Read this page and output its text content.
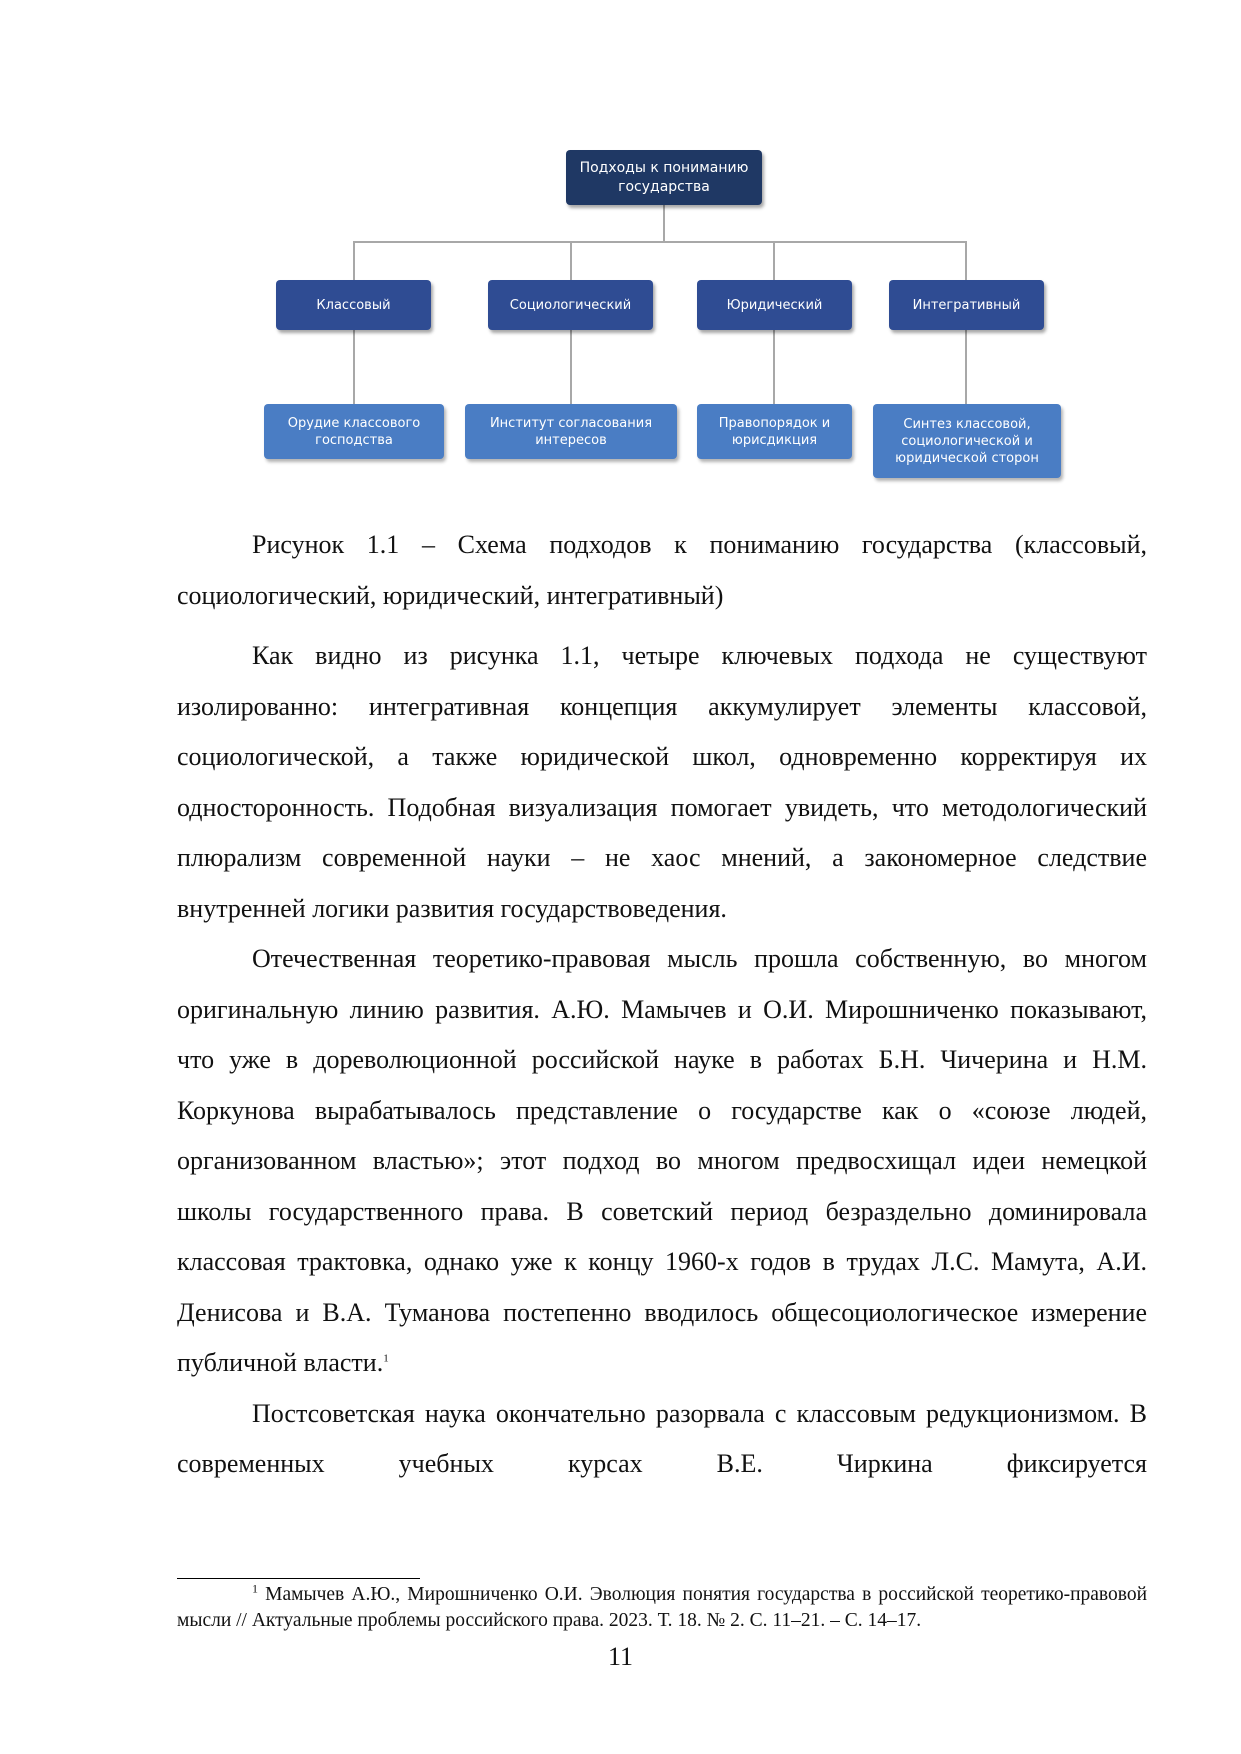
Подходы к пониманию
государства
Классовый	Социологический	Юридический	Интегративный
Орудие классового
господства
Институт согласования
интересов
Правопорядок и
юрисдикция
Синтез классовой,
социологической и
юридической сторон

Рисунок 1.1 – Схема подходов к пониманию государства (классовый, социологический, юридический, интегративный)

Как видно из рисунка 1.1, четыре ключевых подхода не существуют изолированно: интегративная концепция аккумулирует элементы классовой, социологической, а также юридической школ, одновременно корректируя их односторонность. Подобная визуализация помогает увидеть, что методологический плюрализм современной науки – не хаос мнений, а закономерное следствие внутренней логики развития государствоведения.

Отечественная теоретико-правовая мысль прошла собственную, во многом оригинальную линию развития. А.Ю. Мамычев и О.И. Мирошниченко показывают, что уже в дореволюционной российской науке в работах Б.Н. Чичерина и Н.М. Коркунова вырабатывалось представление о государстве как о «союзе людей, организованном властью»; этот подход во многом предвосхищал идеи немецкой школы государственного права. В советский период безраздельно доминировала классовая трактовка, однако уже к концу 1960-х годов в трудах Л.С. Мамута, А.И. Денисова и В.А. Туманова постепенно вводилось общесоциологическое измерение публичной власти.$^1$

Постсоветская наука окончательно разорвала с классовым редукционизмом. В современных учебных курсах В.Е. Чиркина фиксируется

$^1$ Мамычев А.Ю., Мирошниченко О.И. Эволюция понятия государства в российской теоретико-правовой мысли // Актуальные проблемы российского права. 2023. Т. 18. № 2. С. 11–21. – С. 14–17.

11
